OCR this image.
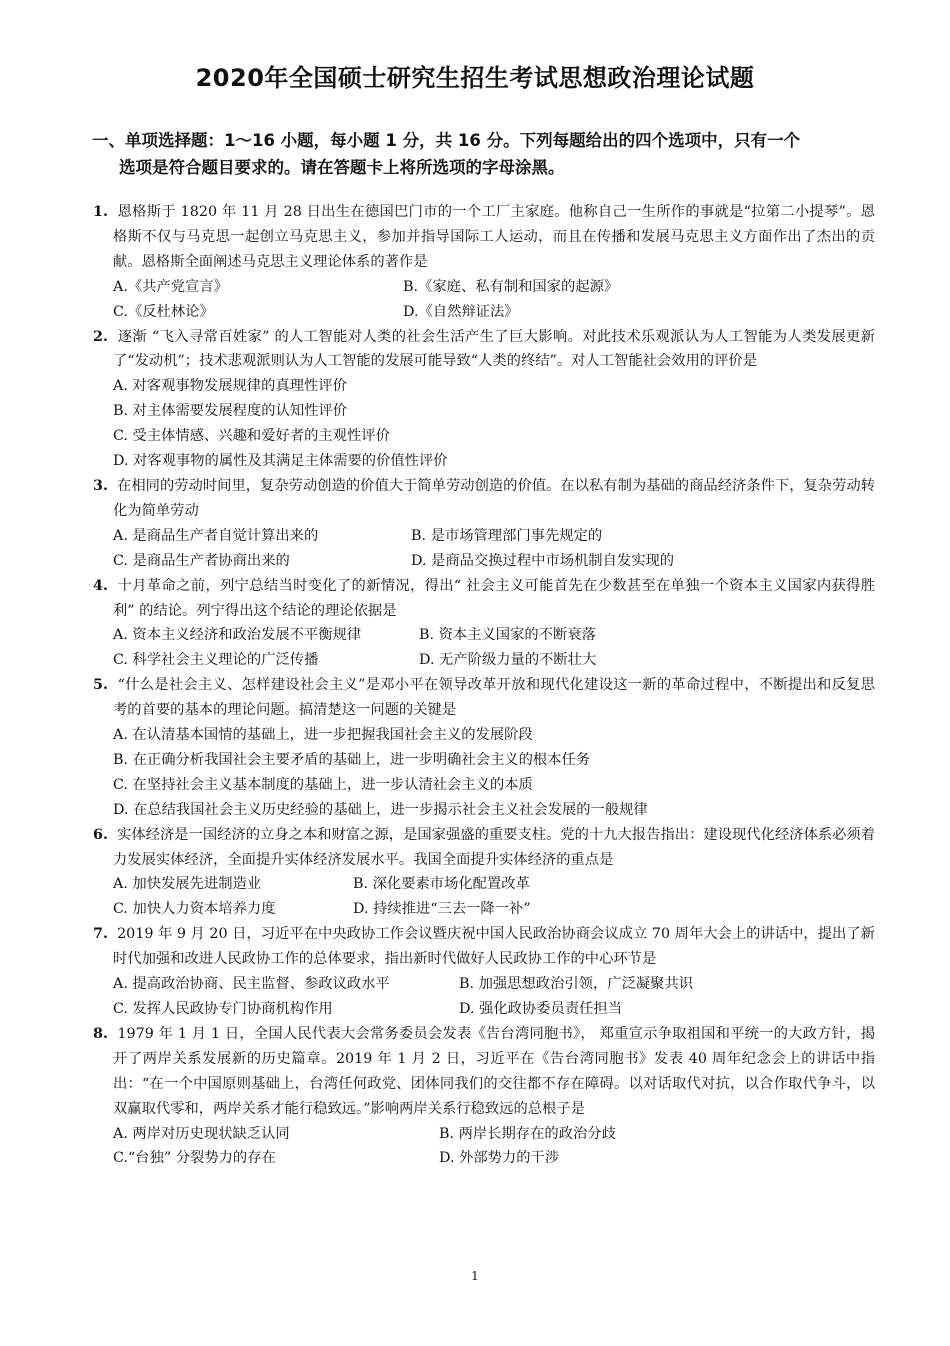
2020年全国硕士研究生招生考试思想政治理论试题
一、单项选择题：1～16 小题，每小题 1 分，共 16 分。下列每题给出的四个选项中，只有一个
选项是符合题目要求的。请在答题卡上将所选项的字母涂黑。
1. 恩格斯于 1820 年 11 月 28 日出生在德国巴门市的一个工厂主家庭。他称自己一生所作的事就是“拉第二小提琴”。恩格斯不仅与马克思一起创立马克思主义，参加并指导国际工人运动，而且在传播和发展马克思主义方面作出了杰出的贡献。恩格斯全面阐述马克思主义理论体系的著作是
A.《共产党宣言》	B.《家庭、私有制和国家的起源》
C.《反杜林论》	D.《自然辩证法》
2. 逐渐 “飞入寻常百姓家” 的人工智能对人类的社会生活产生了巨大影响。对此技术乐观派认为人工智能为人类发展更新了“发动机”；技术悲观派则认为人工智能的发展可能导致“人类的终结”。对人工智能社会效用的评价是
A. 对客观事物发展规律的真理性评价
B. 对主体需要发展程度的认知性评价
C. 受主体情感、兴趣和爱好者的主观性评价
D. 对客观事物的属性及其满足主体需要的价值性评价
3. 在相同的劳动时间里，复杂劳动创造的价值大于简单劳动创造的价值。在以私有制为基础的商品经济条件下，复杂劳动转化为简单劳动
A. 是商品生产者自觉计算出来的	B. 是市场管理部门事先规定的
C. 是商品生产者协商出来的	D. 是商品交换过程中市场机制自发实现的
4. 十月革命之前，列宁总结当时变化了的新情况，得出“ 社会主义可能首先在少数甚至在单独一个资本主义国家内获得胜利” 的结论。列宁得出这个结论的理论依据是
A. 资本主义经济和政治发展不平衡规律	B. 资本主义国家的不断衰落
C. 科学社会主义理论的广泛传播	D. 无产阶级力量的不断壮大
5. “什么是社会主义、怎样建设社会主义”是邓小平在领导改革开放和现代化建设这一新的革命过程中，不断提出和反复思考的首要的基本的理论问题。搞清楚这一问题的关键是
A. 在认清基本国情的基础上，进一步把握我国社会主义的发展阶段
B. 在正确分析我国社会主要矛盾的基础上，进一步明确社会主义的根本任务
C. 在坚持社会主义基本制度的基础上，进一步认清社会主义的本质
D. 在总结我国社会主义历史经验的基础上，进一步揭示社会主义社会发展的一般规律
6. 实体经济是一国经济的立身之本和财富之源，是国家强盛的重要支柱。党的十九大报告指出：建设现代化经济体系必须着力发展实体经济，全面提升实体经济发展水平。我国全面提升实体经济的重点是
A. 加快发展先进制造业	B. 深化要素市场化配置改革
C. 加快人力资本培养力度	D. 持续推进“三去一降一补”
7. 2019 年 9 月 20 日，习近平在中央政协工作会议暨庆祝中国人民政治协商会议成立 70 周年大会上的讲话中，提出了新时代加强和改进人民政协工作的总体要求，指出新时代做好人民政协工作的中心环节是
A. 提高政治协商、民主监督、参政议政水平	B. 加强思想政治引领，广泛凝聚共识
C. 发挥人民政协专门协商机构作用	D. 强化政协委员责任担当
8. 1979 年 1 月 1 日，全国人民代表大会常务委员会发表《告台湾同胞书》， 郑重宣示争取祖国和平统一的大政方针，揭开了两岸关系发展新的历史篇章。2019 年 1 月 2 日，习近平在《告台湾同胞书》发表 40 周年纪念会上的讲话中指出：“在一个中国原则基础上，台湾任何政党、团体同我们的交往都不存在障碍。以对话取代对抗，以合作取代争斗，以双赢取代零和，两岸关系才能行稳致远。”影响两岸关系行稳致远的总根子是
A. 两岸对历史现状缺乏认同	B. 两岸长期存在的政治分歧
C.“台独” 分裂势力的存在	D. 外部势力的干涉
1
